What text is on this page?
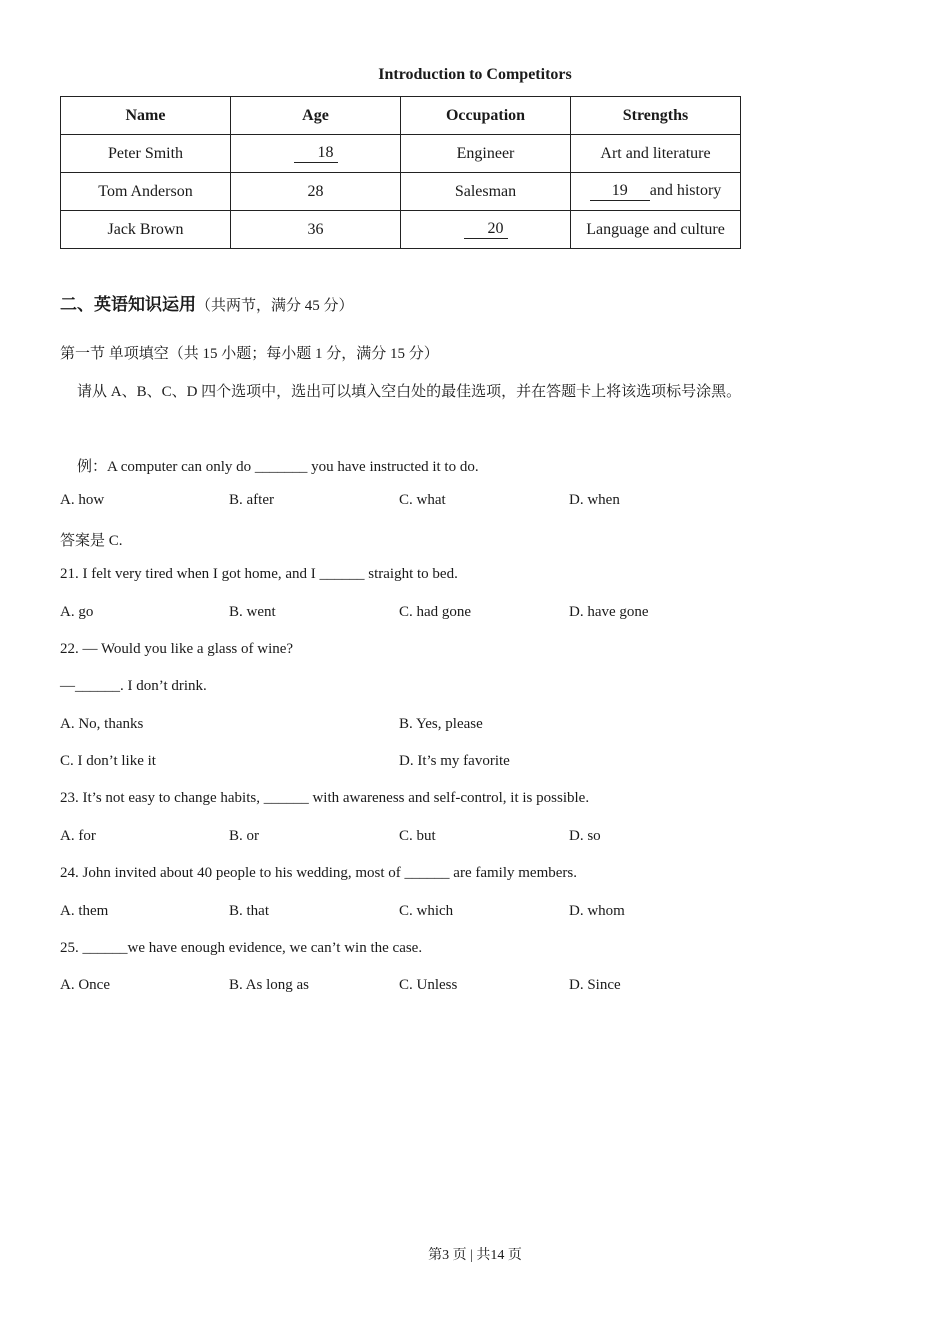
Introduction to Competitors
Name	Age	Occupation	Strengths
Peter Smith	18	Engineer	Art and literature
Tom Anderson	28	Salesman	19 and history
Jack Brown	36	20	Language and culture
二、英语知识运用（共两节，满分 45 分）
第一节 单项填空（共 15 小题；每小题 1 分，满分 15 分）
请从 A、B、C、D 四个选项中，选出可以填入空白处的最佳选项，并在答题卡上将该选项标号涂黑。
例：A computer can only do _______ you have instructed it to do.
A. how	B. after	C. what	D. when
答案是 C.
21. I felt very tired when I got home, and I ______ straight to bed.
A. go	B. went	C. had gone	D. have gone
22. — Would you like a glass of wine?
—______. I don’t drink.
A. No, thanks	B. Yes, please
C. I don’t like it	D. It’s my favorite
23. It’s not easy to change habits, ______ with awareness and self-control, it is possible.
A. for	B. or	C. but	D. so
24. John invited about 40 people to his wedding, most of ______ are family members.
A. them	B. that	C. which	D. whom
25. ______we have enough evidence, we can’t win the case.
A. Once	B. As long as	C. Unless	D. Since
第3 页 | 共14 页
